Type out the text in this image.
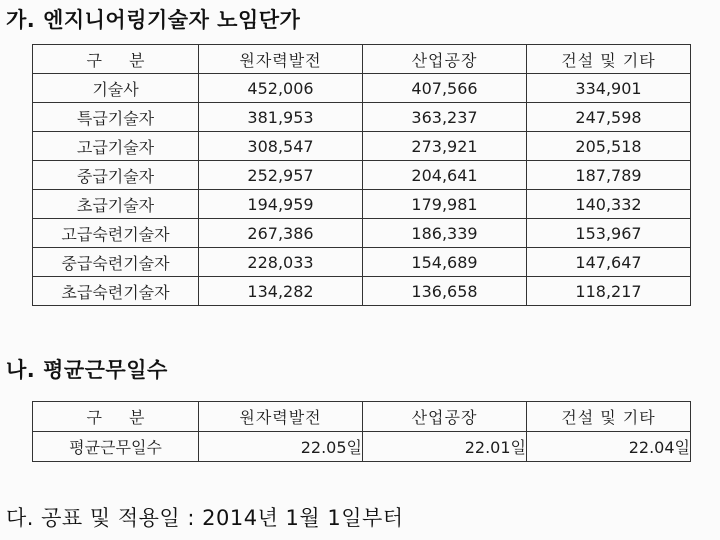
가. 엔지니어링기술자 노임단가
구 분	원자력발전	산업공장	건설 및 기타
기술사	452,006	407,566	334,901
특급기술자	381,953	363,237	247,598
고급기술자	308,547	273,921	205,518
중급기술자	252,957	204,641	187,789
초급기술자	194,959	179,981	140,332
고급숙련기술자	267,386	186,339	153,967
중급숙련기술자	228,033	154,689	147,647
초급숙련기술자	134,282	136,658	118,217
나. 평균근무일수
구 분	원자력발전	산업공장	건설 및 기타
평균근무일수	22.05일	22.01일	22.04일
다. 공표 및 적용일 : 2014년 1월 1일부터
